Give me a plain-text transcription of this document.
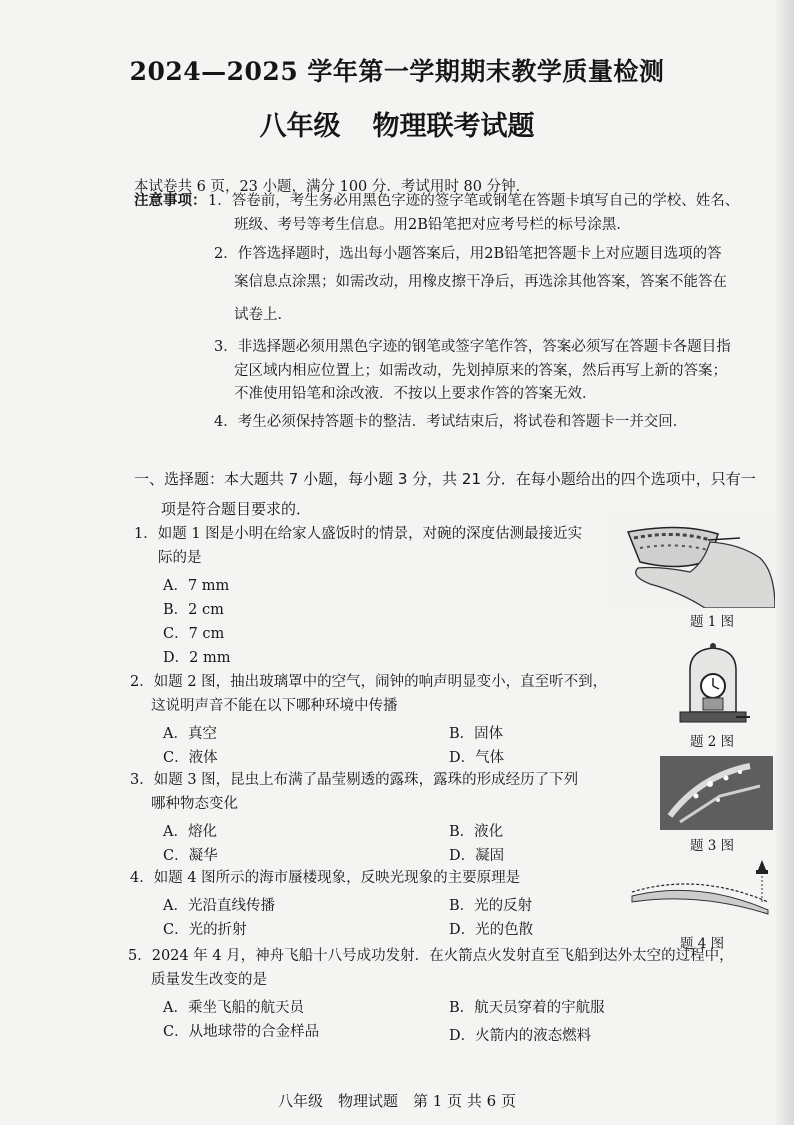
2024—2025 学年第一学期期末教学质量检测
八年级 物理联考试题
本试卷共 6 页，23 小题，满分 100 分．考试用时 80 分钟．
注意事项： 1．答卷前，考生务必用黑色字迹的签字笔或钢笔在答题卡填写自己的学校、姓名、
班级、考号等考生信息。用2B铅笔把对应考号栏的标号涂黑．
2．作答选择题时，选出每小题答案后，用2B铅笔把答题卡上对应题目选项的答
案信息点涂黑；如需改动，用橡皮擦干净后，再选涂其他答案，答案不能答在
试卷上．
3．非选择题必须用黑色字迹的钢笔或签字笔作答，答案必须写在答题卡各题目指
定区域内相应位置上；如需改动，先划掉原来的答案，然后再写上新的答案；
不准使用铅笔和涂改液．不按以上要求作答的答案无效．
4．考生必须保持答题卡的整洁．考试结束后，将试卷和答题卡一并交回．
一、选择题：本大题共 7 小题，每小题 3 分，共 21 分．在每小题给出的四个选项中，只有一
项是符合题目要求的．
1．如题 1 图是小明在给家人盛饭时的情景，对碗的深度估测最接近实
际的是
A．7 mm
B．2 cm
C．7 cm
D．2 mm
题 1 图
2．如题 2 图，抽出玻璃罩中的空气，闹钟的响声明显变小，直至听不到，
这说明声音不能在以下哪种环境中传播
A．真空	B．固体
C．液体	D．气体
题 2 图
3．如题 3 图，昆虫上布满了晶莹剔透的露珠，露珠的形成经历了下列
哪种物态变化
A．熔化	B．液化
C．凝华	D．凝固
题 3 图
4．如题 4 图所示的海市蜃楼现象，反映光现象的主要原理是
A．光沿直线传播	B．光的反射
C．光的折射	D．光的色散
题 4 图
5．2024 年 4 月，神舟飞船十八号成功发射．在火箭点火发射直至飞船到达外太空的过程中，
质量发生改变的是
A．乘坐飞船的航天员	B．航天员穿着的宇航服
C．从地球带的合金样品	D．火箭内的液态燃料
八年级　物理试题　第 1 页 共 6 页
